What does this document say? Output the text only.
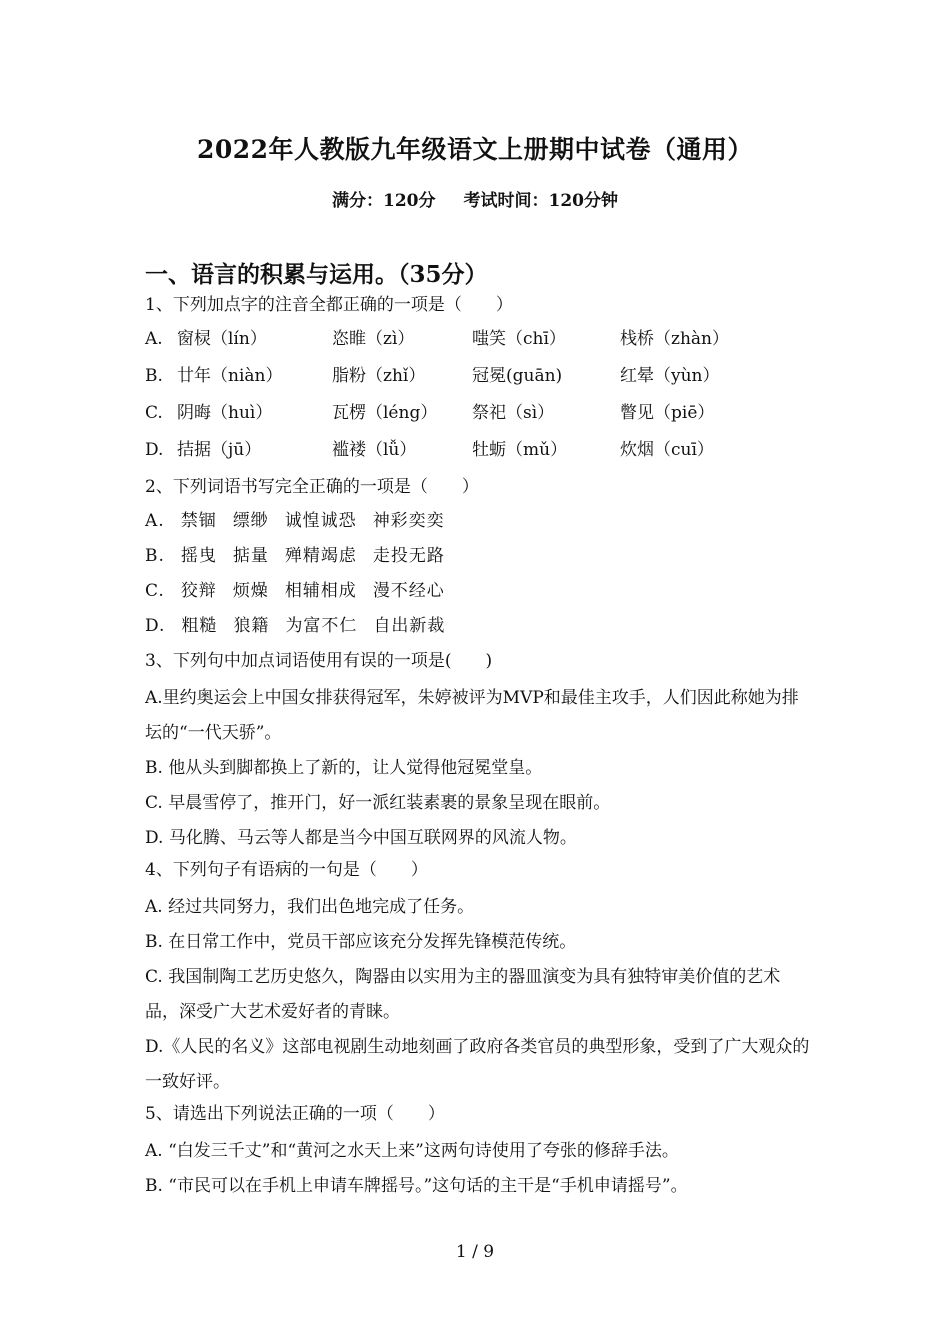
2022年人教版九年级语文上册期中试卷（通用）
满分：120分 考试时间：120分钟
一、语言的积累与运用。（35分）
1、下列加点字的注音全都正确的一项是（　　）
A. 窗棂（lín）	恣睢（zì）	嗤笑（chī）	栈桥（zhàn）
B. 廿年（niàn）	脂粉（zhǐ）	冠冕(guān)	红晕（yùn）
C. 阴晦（huì）	瓦楞（léng）	祭祀（sì）	瞥见（piē）
D. 拮据（jū）	褴褛（lǚ）	牡蛎（mǔ）	炊烟（cuī）
2、下列词语书写完全正确的一项是（　　）
A. 禁锢 缥缈 诚惶诚恐 神彩奕奕
B. 摇曳 掂量 殚精竭虑 走投无路
C. 狡辩 烦燥 相辅相成 漫不经心
D. 粗糙 狼籍 为富不仁 自出新裁
3、下列句中加点词语使用有误的一项是(　　)
A.里约奥运会上中国女排获得冠军，朱婷被评为MVP和最佳主攻手，人们因此称她为排坛的“一代天骄”。
B. 他从头到脚都换上了新的，让人觉得他冠冕堂皇。
C. 早晨雪停了，推开门，好一派红装素裹的景象呈现在眼前。
D. 马化腾、马云等人都是当今中国互联网界的风流人物。
4、下列句子有语病的一句是（　　）
A. 经过共同努力，我们出色地完成了任务。
B. 在日常工作中，党员干部应该充分发挥先锋模范传统。
C. 我国制陶工艺历史悠久，陶器由以实用为主的器皿演变为具有独特审美价值的艺术品，深受广大艺术爱好者的青睐。
D.《人民的名义》这部电视剧生动地刻画了政府各类官员的典型形象，受到了广大观众的一致好评。
5、请选出下列说法正确的一项（　　）
A. “白发三千丈”和“黄河之水天上来”这两句诗使用了夸张的修辞手法。
B. “市民可以在手机上申请车牌摇号。”这句话的主干是“手机申请摇号”。
1 / 9
